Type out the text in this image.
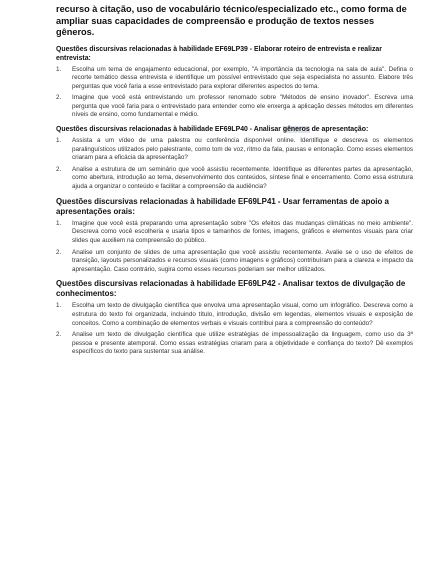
recurso à citação, uso de vocabulário técnico/especializado etc., como forma de ampliar suas capacidades de compreensão e produção de textos nesses gêneros.

Questões discursivas relacionadas à habilidade EF69LP39 - Elaborar roteiro de entrevista e realizar entrevista:

1. Escolha um tema de engajamento educacional, por exemplo, "A importância da tecnologia na sala de aula". Defina o recorte temático dessa entrevista e identifique um possível entrevistado que seja especialista no assunto. Elabore três perguntas que você faria a esse entrevistado para explorar diferentes aspectos do tema.
2. Imagine que você está entrevistando um professor renomado sobre "Métodos de ensino inovador". Escreva uma pergunta que você faria para o entrevistado para entender como ele enxerga a aplicação desses métodos em diferentes níveis de ensino, como fundamental e médio.

Questões discursivas relacionadas à habilidade EF69LP40 - Analisar gêneros de apresentação:

1. Assista a um vídeo de uma palestra ou conferência disponível online. Identifique e descreva os elementos paralinguísticos utilizados pelo palestrante, como tom de voz, ritmo da fala, pausas e entonação. Como esses elementos criaram para a eficácia da apresentação?
2. Analise a estrutura de um seminário que você assistiu recentemente. Identifique as diferentes partes da apresentação, como abertura, introdução ao tema, desenvolvimento dos conteúdos, síntese final e encerramento. Como essa estrutura ajuda a organizar o conteúdo e facilitar a compreensão da audiência?

Questões discursivas relacionadas à habilidade EF69LP41 - Usar ferramentas de apoio a apresentações orais:

1. Imagine que você está preparando uma apresentação sobre "Os efeitos das mudanças climáticas no meio ambiente". Descreva como você escolheria e usaria tipos e tamanhos de fontes, imagens, gráficos e elementos visuais para criar slides que auxiliem na compreensão do público.
2. Analise um conjunto de slides de uma apresentação que você assistiu recentemente. Avalie se o uso de efeitos de transição, layouts personalizados e recursos visuais (como imagens e gráficos) contribuíram para a clareza e impacto da apresentação. Caso contrário, sugira como esses recursos poderiam ser melhor utilizados.

Questões discursivas relacionadas à habilidade EF69LP42 - Analisar textos de divulgação de conhecimentos:

1. Escolha um texto de divulgação científica que envolva uma apresentação visual, como um infográfico. Descreva como a estrutura do texto foi organizada, incluindo título, introdução, divisão em legendas, elementos visuais e exposição de conceitos. Como a combinação de elementos verbais e visuais contribui para a compreensão do conteúdo?
2. Analise um texto de divulgação científica que utilize estratégias de impessoalização da linguagem, como uso da 3ª pessoa e presente atemporal. Como essas estratégias criaram para a objetividade e confiança do texto? Dê exemplos específicos do texto para sustentar sua análise.
